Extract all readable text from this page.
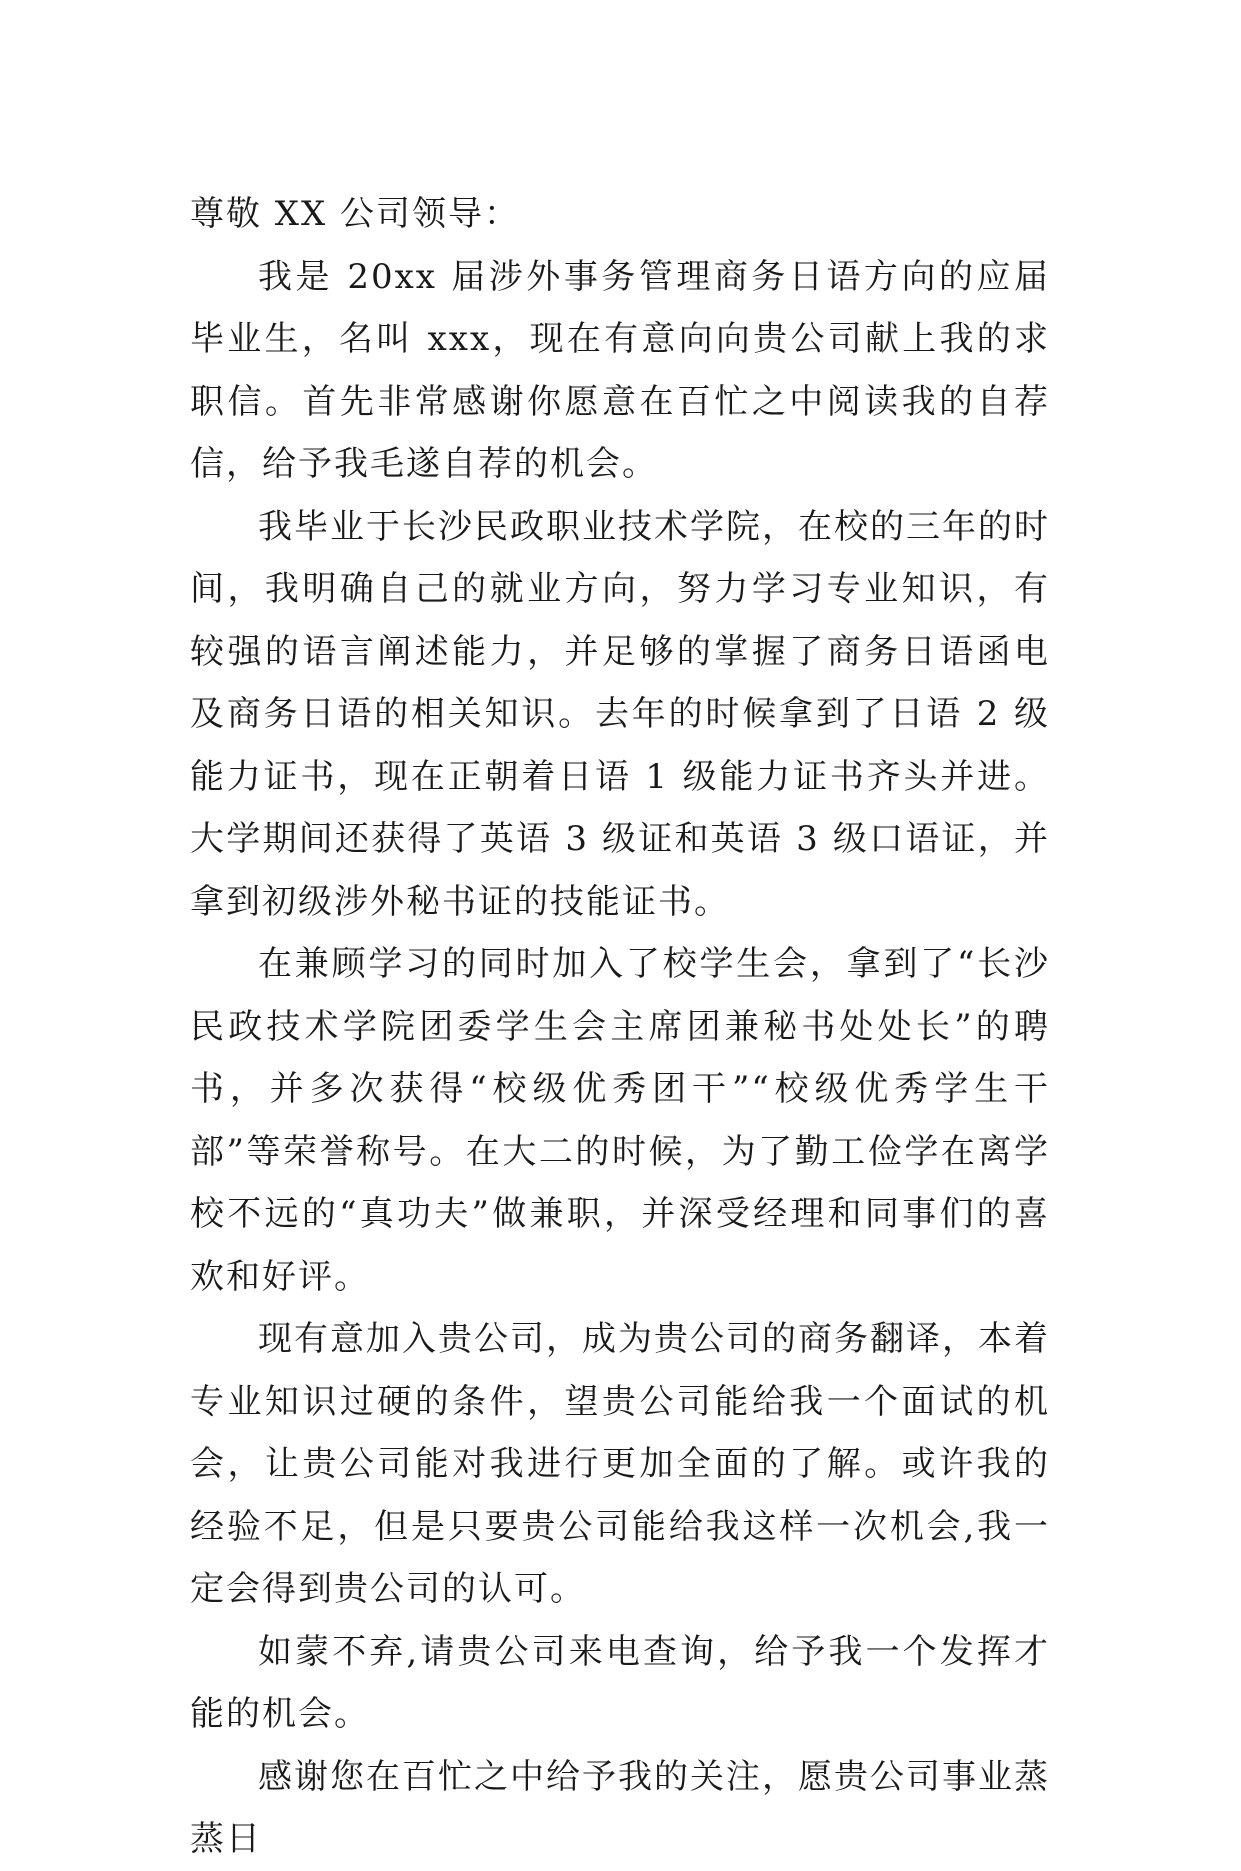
尊敬 XX 公司领导：

我是 20xx 届涉外事务管理商务日语方向的应届毕业生，名叫 xxx，现在有意向向贵公司献上我的求职信。首先非常感谢你愿意在百忙之中阅读我的自荐信，给予我毛遂自荐的机会。

我毕业于长沙民政职业技术学院，在校的三年的时间，我明确自己的就业方向，努力学习专业知识，有较强的语言阐述能力，并足够的掌握了商务日语函电及商务日语的相关知识。去年的时候拿到了日语 2 级能力证书，现在正朝着日语 1 级能力证书齐头并进。大学期间还获得了英语 3 级证和英语 3 级口语证，并拿到初级涉外秘书证的技能证书。

在兼顾学习的同时加入了校学生会，拿到了“长沙民政技术学院团委学生会主席团兼秘书处处长”的聘书，并多次获得“校级优秀团干”“校级优秀学生干部”等荣誉称号。在大二的时候，为了勤工俭学在离学校不远的“真功夫”做兼职，并深受经理和同事们的喜欢和好评。

现有意加入贵公司，成为贵公司的商务翻译，本着专业知识过硬的条件，望贵公司能给我一个面试的机会，让贵公司能对我进行更加全面的了解。或许我的经验不足，但是只要贵公司能给我这样一次机会,我一定会得到贵公司的认可。

如蒙不弃,请贵公司来电查询，给予我一个发挥才能的机会。

感谢您在百忙之中给予我的关注，愿贵公司事业蒸蒸日
